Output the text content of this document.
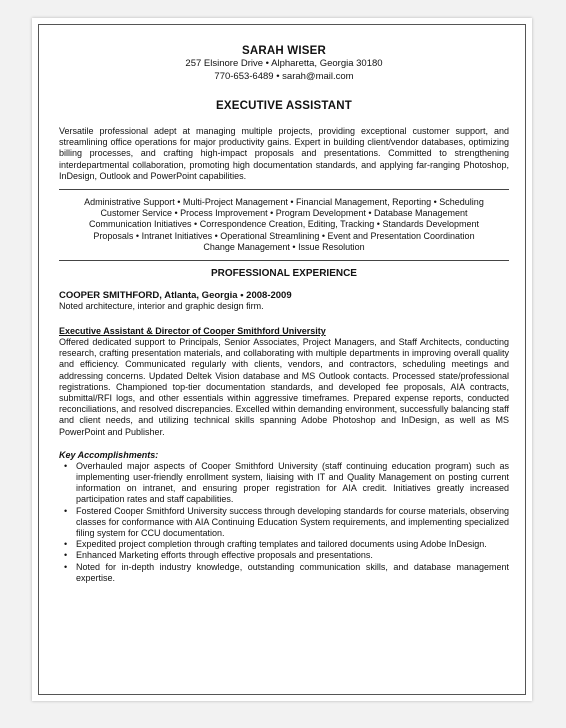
SARAH WISER

257 Elsinore Drive • Alpharetta, Georgia 30180

770-653-6489 • sarah@mail.com

EXECUTIVE ASSISTANT

Versatile professional adept at managing multiple projects, providing exceptional customer support, and streamlining office operations for major productivity gains. Expert in building client/vendor databases, optimizing billing processes, and crafting high-impact proposals and presentations. Committed to strengthening interdepartmental collaboration, promoting high documentation standards, and applying far-ranging Photoshop, InDesign, Outlook and PowerPoint capabilities.

Administrative Support • Multi-Project Management • Financial Management, Reporting • Scheduling
Customer Service • Process Improvement • Program Development • Database Management
Communication Initiatives • Correspondence Creation, Editing, Tracking • Standards Development
Proposals • Intranet Initiatives • Operational Streamlining • Event and Presentation Coordination
Change Management • Issue Resolution

PROFESSIONAL EXPERIENCE

COOPER SMITHFORD, Atlanta, Georgia • 2008-2009

Noted architecture, interior and graphic design firm.

Executive Assistant & Director of Cooper Smithford University

Offered dedicated support to Principals, Senior Associates, Project Managers, and Staff Architects, conducting research, crafting presentation materials, and collaborating with multiple departments in improving overall quality and efficiency. Communicated regularly with clients, vendors, and contractors, scheduling meetings and addressing concerns. Updated Deltek Vision database and MS Outlook contacts. Processed state/professional registrations. Championed top-tier documentation standards, and developed fee proposals, AIA contracts, submittal/RFI logs, and other essentials within aggressive timeframes. Prepared expense reports, conducted reconciliations, and resolved discrepancies. Excelled within demanding environment, successfully balancing staff and client needs, and utilizing technical skills spanning Adobe Photoshop and InDesign, as well as MS PowerPoint and Publisher.

Key Accomplishments:

• Overhauled major aspects of Cooper Smithford University (staff continuing education program) such as implementing user-friendly enrollment system, liaising with IT and Quality Management on posting current information on intranet, and ensuring proper registration for AIA credit. Initiatives greatly increased participation rates and staff capabilities.
• Fostered Cooper Smithford University success through developing standards for course materials, observing classes for conformance with AIA Continuing Education System requirements, and implementing specialized filing system for CCU documentation.
• Expedited project completion through crafting templates and tailored documents using Adobe InDesign.
• Enhanced Marketing efforts through effective proposals and presentations.
• Noted for in-depth industry knowledge, outstanding communication skills, and database management expertise.
